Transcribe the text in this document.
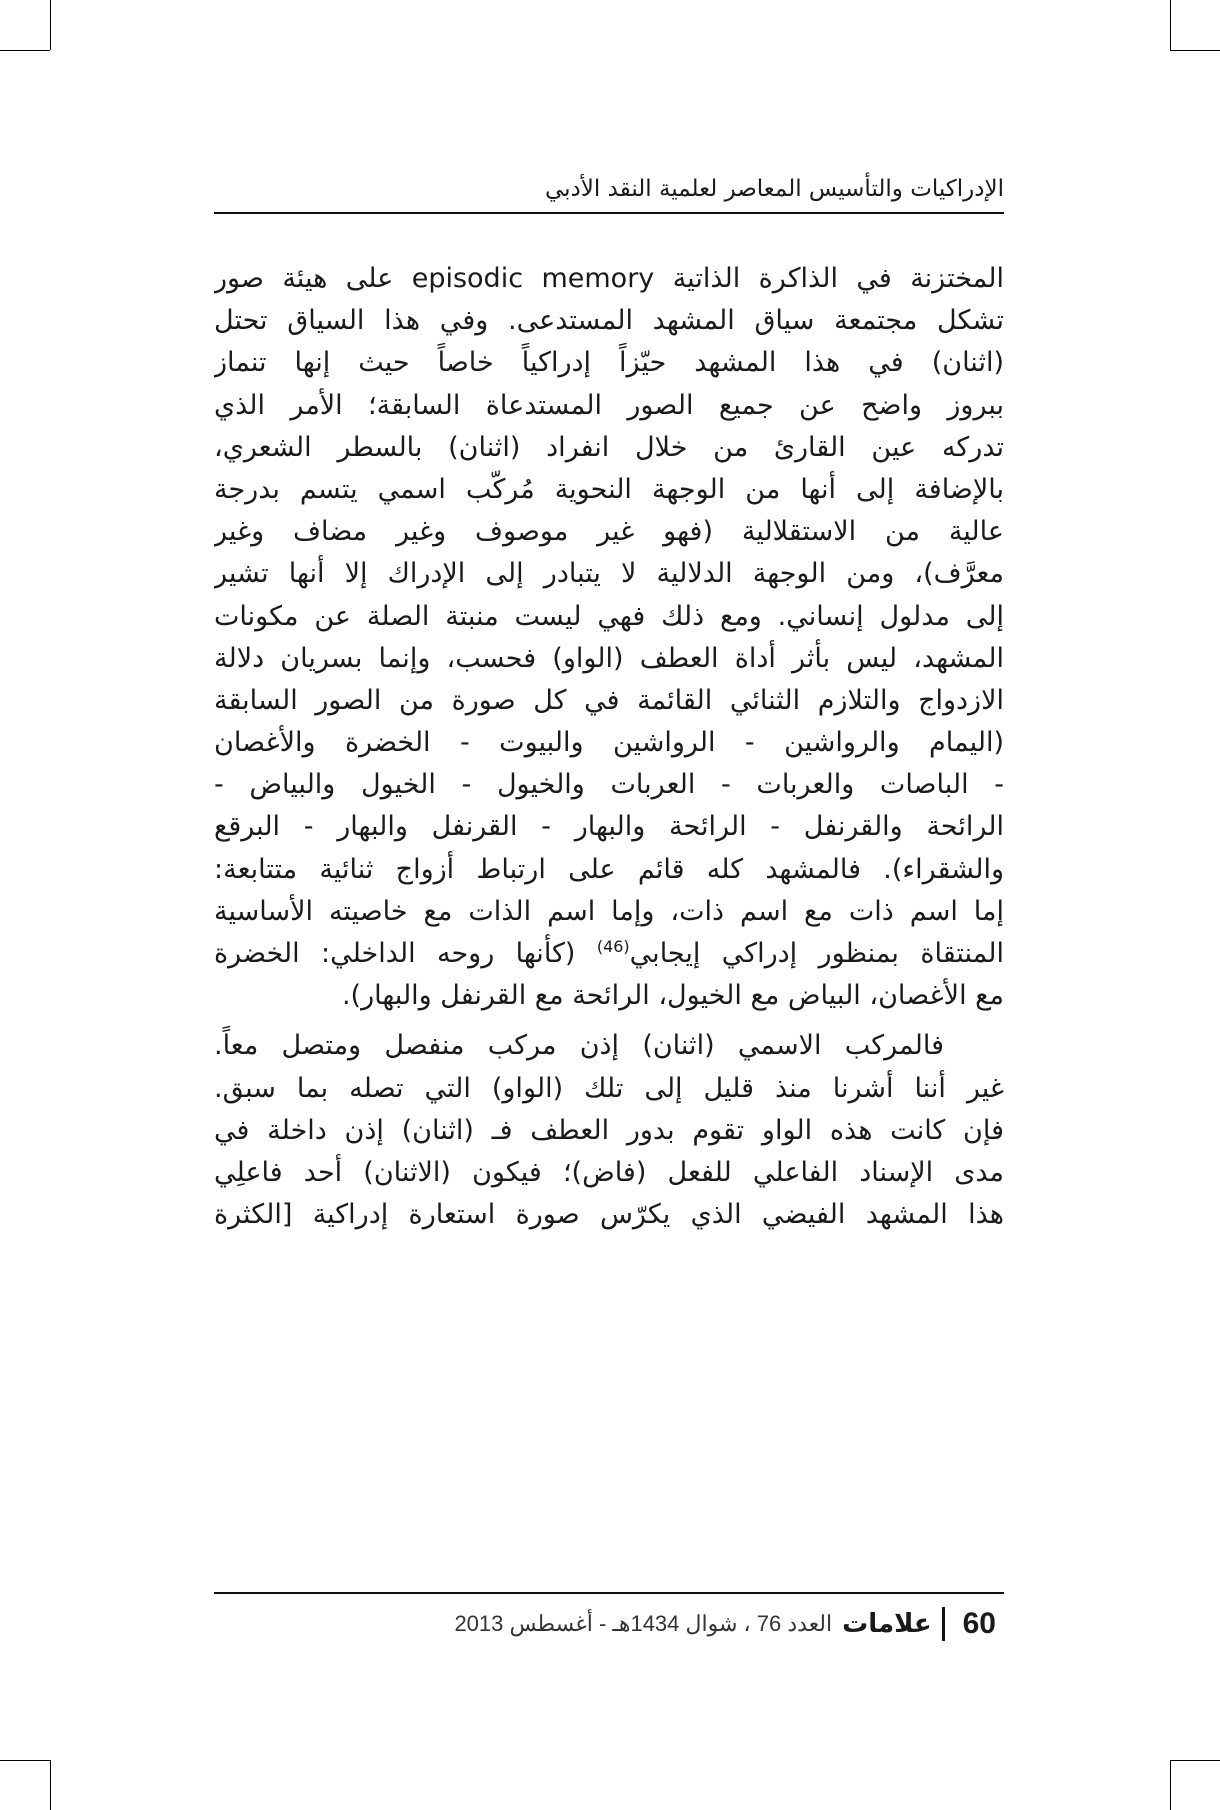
الإدراكيات والتأسيس المعاصر لعلمية النقد الأدبي
المختزنة في الذاكرة الذاتية episodic memory على هيئة صور
تشكل مجتمعة سياق المشهد المستدعى. وفي هذا السياق تحتل
(اثنان) في هذا المشهد حيّزاً إدراكياً خاصاً حيث إنها تنماز
ببروز واضح عن جميع الصور المستدعاة السابقة؛ الأمر الذي
تدركه عين القارئ من خلال انفراد (اثنان) بالسطر الشعري،
بالإضافة إلى أنها من الوجهة النحوية مُركّب اسمي يتسم بدرجة
عالية من الاستقلالية (فهو غير موصوف وغير مضاف وغير
معرَّف)، ومن الوجهة الدلالية لا يتبادر إلى الإدراك إلا أنها تشير
إلى مدلول إنساني. ومع ذلك فهي ليست منبتة الصلة عن مكونات
المشهد، ليس بأثر أداة العطف (الواو) فحسب، وإنما بسريان دلالة
الازدواج والتلازم الثنائي القائمة في كل صورة من الصور السابقة
(اليمام والرواشين - الرواشين والبيوت - الخضرة والأغصان
- الباصات والعربات - العربات والخيول - الخيول والبياض -
الرائحة والقرنفل - الرائحة والبهار - القرنفل والبهار - البرقع
والشقراء). فالمشهد كله قائم على ارتباط أزواج ثنائية متتابعة:
إما اسم ذات مع اسم ذات، وإما اسم الذات مع خاصيته الأساسية
المنتقاة بمنظور إدراكي إيجابي$^{(46)}$ (كأنها روحه الداخلي: الخضرة
مع الأغصان، البياض مع الخيول، الرائحة مع القرنفل والبهار).
فالمركب الاسمي (اثنان) إذن مركب منفصل ومتصل معاً.
غير أننا أشرنا منذ قليل إلى تلك (الواو) التي تصله بما سبق.
فإن كانت هذه الواو تقوم بدور العطف فـ (اثنان) إذن داخلة في
مدى الإسناد الفاعلي للفعل (فاض)؛ فيكون (الاثنان) أحد فاعلِي
هذا المشهد الفيضي الذي يكرّس صورة استعارة إدراكية [الكثرة
60
علامات
العدد 76 ، شوال 1434هـ - أغسطس 2013
